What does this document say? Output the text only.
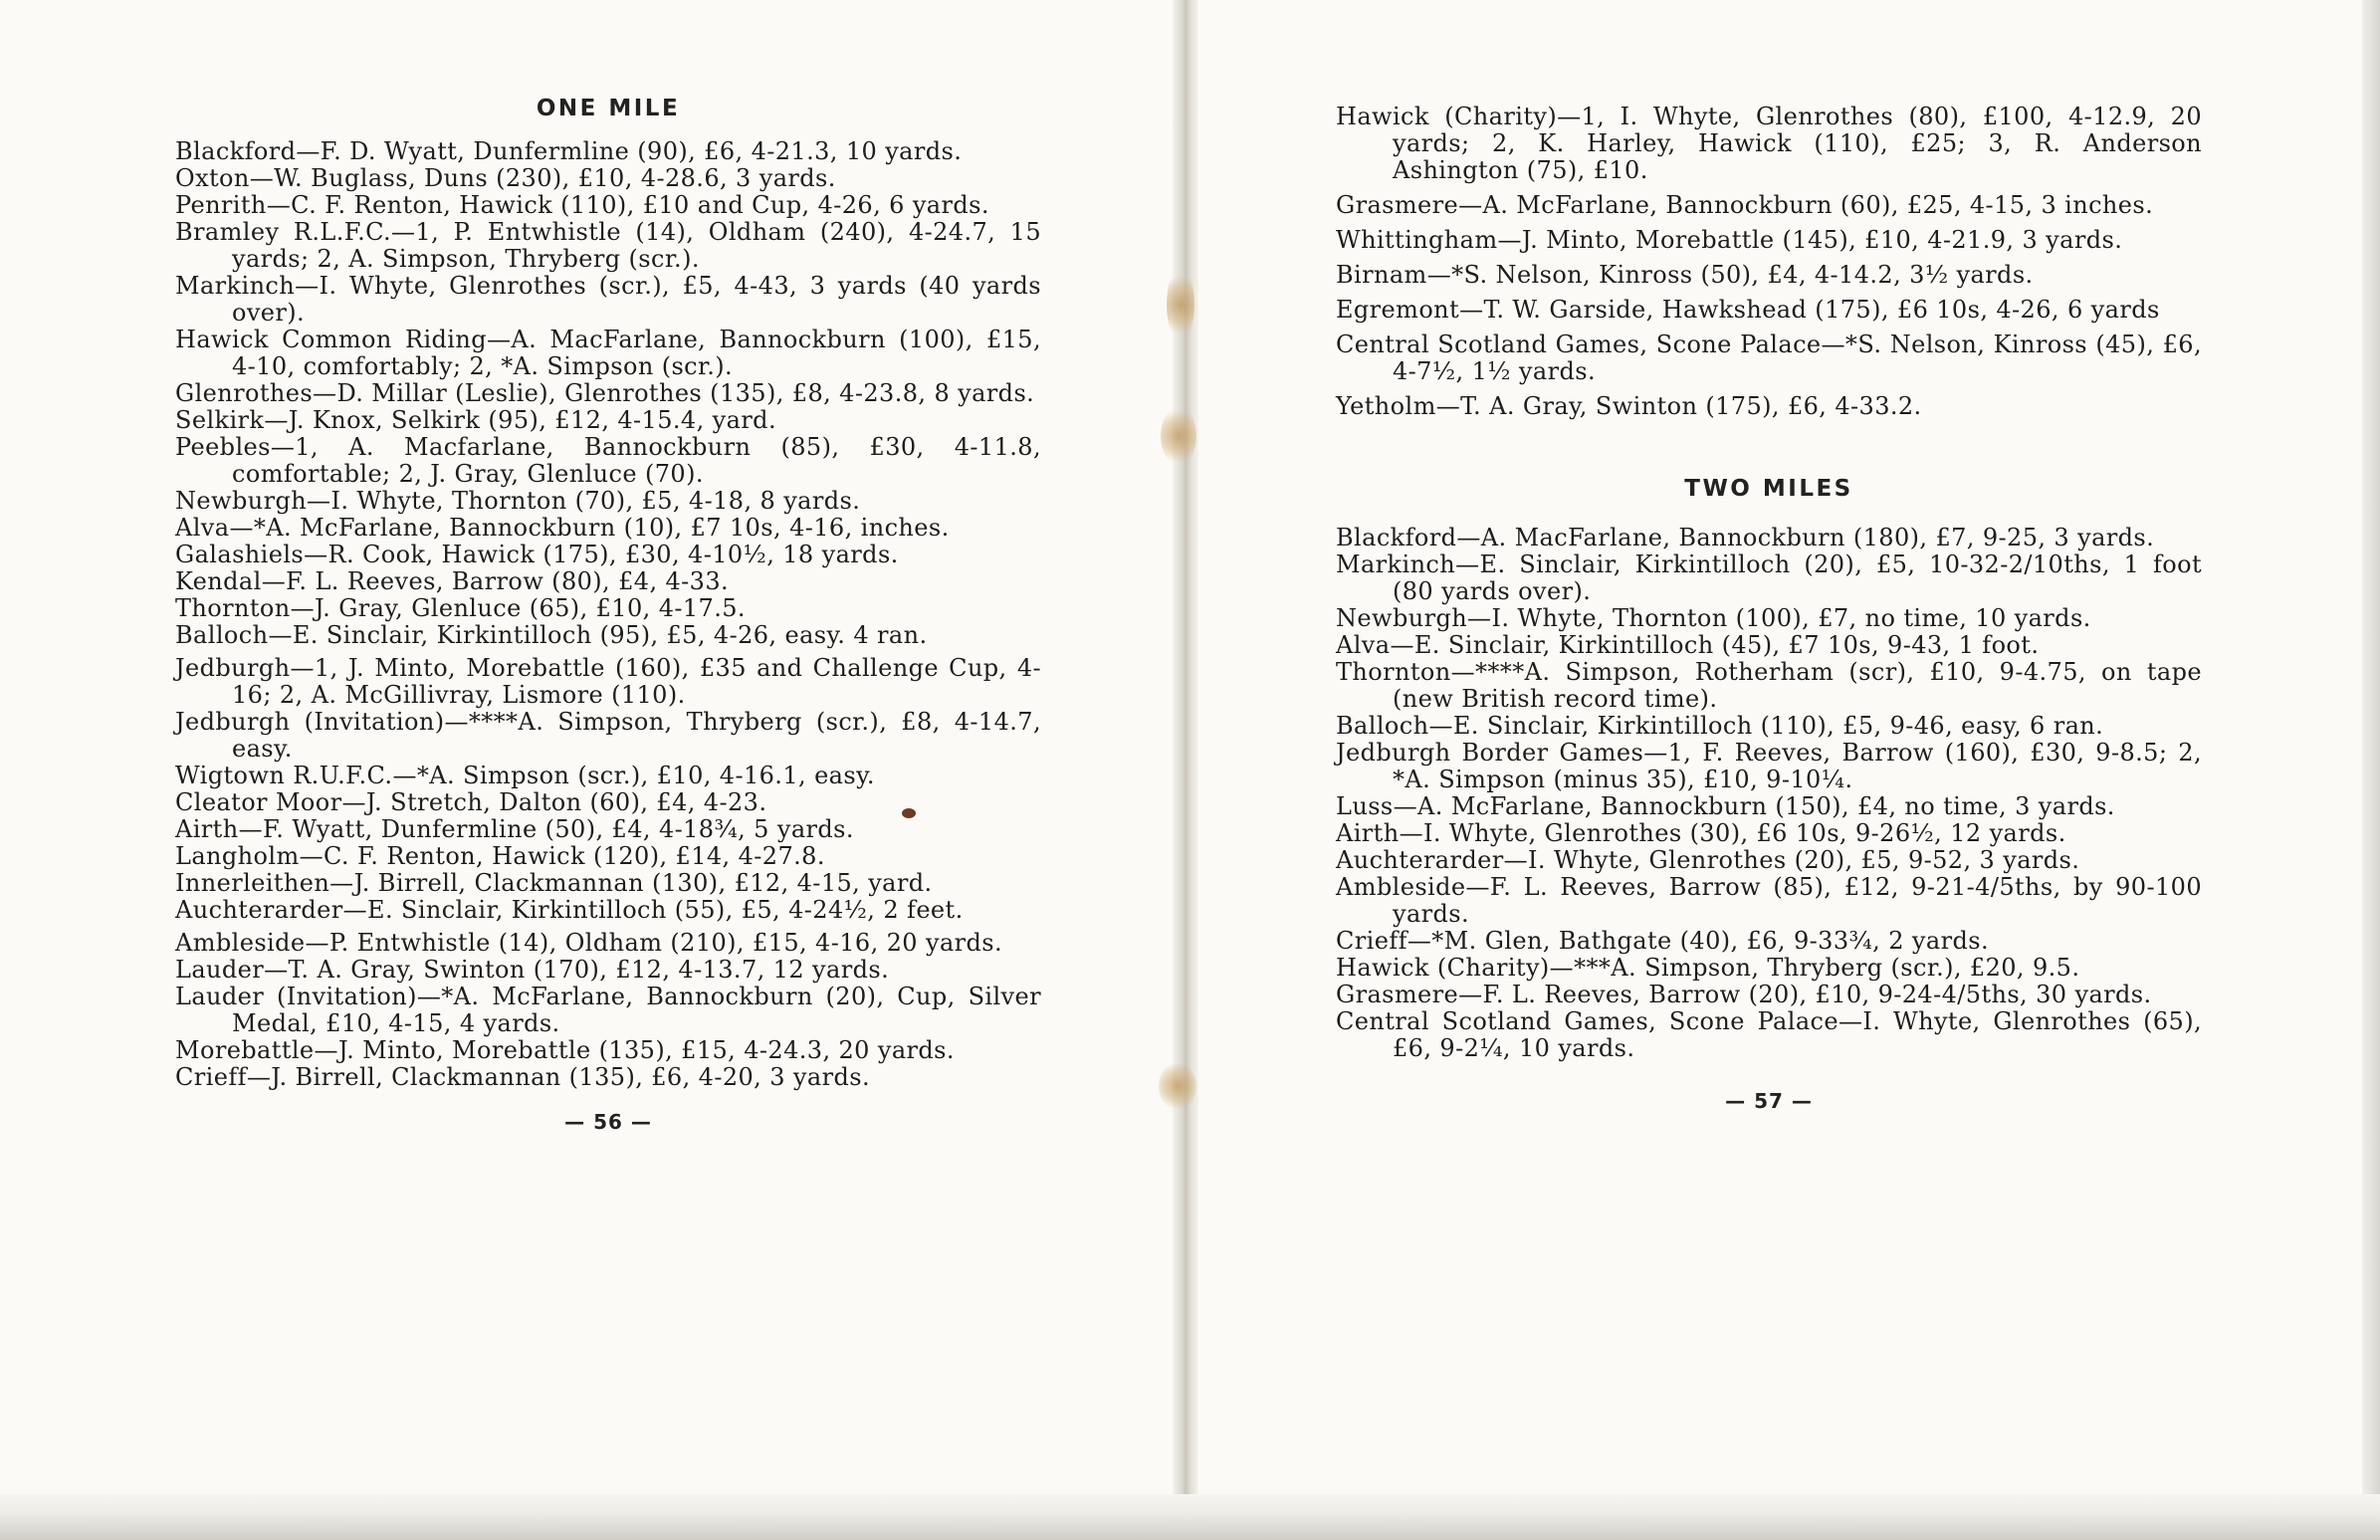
ONE MILE

Blackford—F. D. Wyatt, Dunfermline (90), £6, 4-21.3, 10 yards.

Oxton—W. Buglass, Duns (230), £10, 4-28.6, 3 yards.

Penrith—C. F. Renton, Hawick (110), £10 and Cup, 4-26, 6 yards.

Bramley R.L.F.C.—1, P. Entwhistle (14), Oldham (240), 4-24.7, 15 yards; 2, A. Simpson, Thryberg (scr.).

Markinch—I. Whyte, Glenrothes (scr.), £5, 4-43, 3 yards (40 yards over).

Hawick Common Riding—A. MacFarlane, Bannockburn (100), £15, 4-10, comfortably; 2, *A. Simpson (scr.).

Glenrothes—D. Millar (Leslie), Glenrothes (135), £8, 4-23.8, 8 yards.

Selkirk—J. Knox, Selkirk (95), £12, 4-15.4, yard.

Peebles—1, A. Macfarlane, Bannockburn (85), £30, 4-11.8, comfortable; 2, J. Gray, Glenluce (70).

Newburgh—I. Whyte, Thornton (70), £5, 4-18, 8 yards.

Alva—*A. McFarlane, Bannockburn (10), £7 10s, 4-16, inches.

Galashiels—R. Cook, Hawick (175), £30, 4-10½, 18 yards.

Kendal—F. L. Reeves, Barrow (80), £4, 4-33.

Thornton—J. Gray, Glenluce (65), £10, 4-17.5.

Balloch—E. Sinclair, Kirkintilloch (95), £5, 4-26, easy. 4 ran.

Jedburgh—1, J. Minto, Morebattle (160), £35 and Challenge Cup, 4-16; 2, A. McGillivray, Lismore (110).

Jedburgh (Invitation)—****A. Simpson, Thryberg (scr.), £8, 4-14.7, easy.

Wigtown R.U.F.C.—*A. Simpson (scr.), £10, 4-16.1, easy.

Cleator Moor—J. Stretch, Dalton (60), £4, 4-23.

Airth—F. Wyatt, Dunfermline (50), £4, 4-18¾, 5 yards.

Langholm—C. F. Renton, Hawick (120), £14, 4-27.8.

Innerleithen—J. Birrell, Clackmannan (130), £12, 4-15, yard.

Auchterarder—E. Sinclair, Kirkintilloch (55), £5, 4-24½, 2 feet.

Ambleside—P. Entwhistle (14), Oldham (210), £15, 4-16, 20 yards.

Lauder—T. A. Gray, Swinton (170), £12, 4-13.7, 12 yards.

Lauder (Invitation)—*A. McFarlane, Bannockburn (20), Cup, Silver Medal, £10, 4-15, 4 yards.

Morebattle—J. Minto, Morebattle (135), £15, 4-24.3, 20 yards.

Crieff—J. Birrell, Clackmannan (135), £6, 4-20, 3 yards.

— 56 —

Hawick (Charity)—1, I. Whyte, Glenrothes (80), £100, 4-12.9, 20 yards; 2, K. Harley, Hawick (110), £25; 3, R. Anderson Ashington (75), £10.

Grasmere—A. McFarlane, Bannockburn (60), £25, 4-15, 3 inches.

Whittingham—J. Minto, Morebattle (145), £10, 4-21.9, 3 yards.

Birnam—*S. Nelson, Kinross (50), £4, 4-14.2, 3½ yards.

Egremont—T. W. Garside, Hawkshead (175), £6 10s, 4-26, 6 yards

Central Scotland Games, Scone Palace—*S. Nelson, Kinross (45), £6, 4-7½, 1½ yards.

Yetholm—T. A. Gray, Swinton (175), £6, 4-33.2.

TWO MILES

Blackford—A. MacFarlane, Bannockburn (180), £7, 9-25, 3 yards.

Markinch—E. Sinclair, Kirkintilloch (20), £5, 10-32-2/10ths, 1 foot (80 yards over).

Newburgh—I. Whyte, Thornton (100), £7, no time, 10 yards.

Alva—E. Sinclair, Kirkintilloch (45), £7 10s, 9-43, 1 foot.

Thornton—****A. Simpson, Rotherham (scr), £10, 9-4.75, on tape (new British record time).

Balloch—E. Sinclair, Kirkintilloch (110), £5, 9-46, easy, 6 ran.

Jedburgh Border Games—1, F. Reeves, Barrow (160), £30, 9-8.5; 2, *A. Simpson (minus 35), £10, 9-10¼.

Luss—A. McFarlane, Bannockburn (150), £4, no time, 3 yards.

Airth—I. Whyte, Glenrothes (30), £6 10s, 9-26½, 12 yards.

Auchterarder—I. Whyte, Glenrothes (20), £5, 9-52, 3 yards.

Ambleside—F. L. Reeves, Barrow (85), £12, 9-21-4/5ths, by 90-100 yards.

Crieff—*M. Glen, Bathgate (40), £6, 9-33¾, 2 yards.

Hawick (Charity)—***A. Simpson, Thryberg (scr.), £20, 9.5.

Grasmere—F. L. Reeves, Barrow (20), £10, 9-24-4/5ths, 30 yards.

Central Scotland Games, Scone Palace—I. Whyte, Glenrothes (65), £6, 9-2¼, 10 yards.

— 57 —
